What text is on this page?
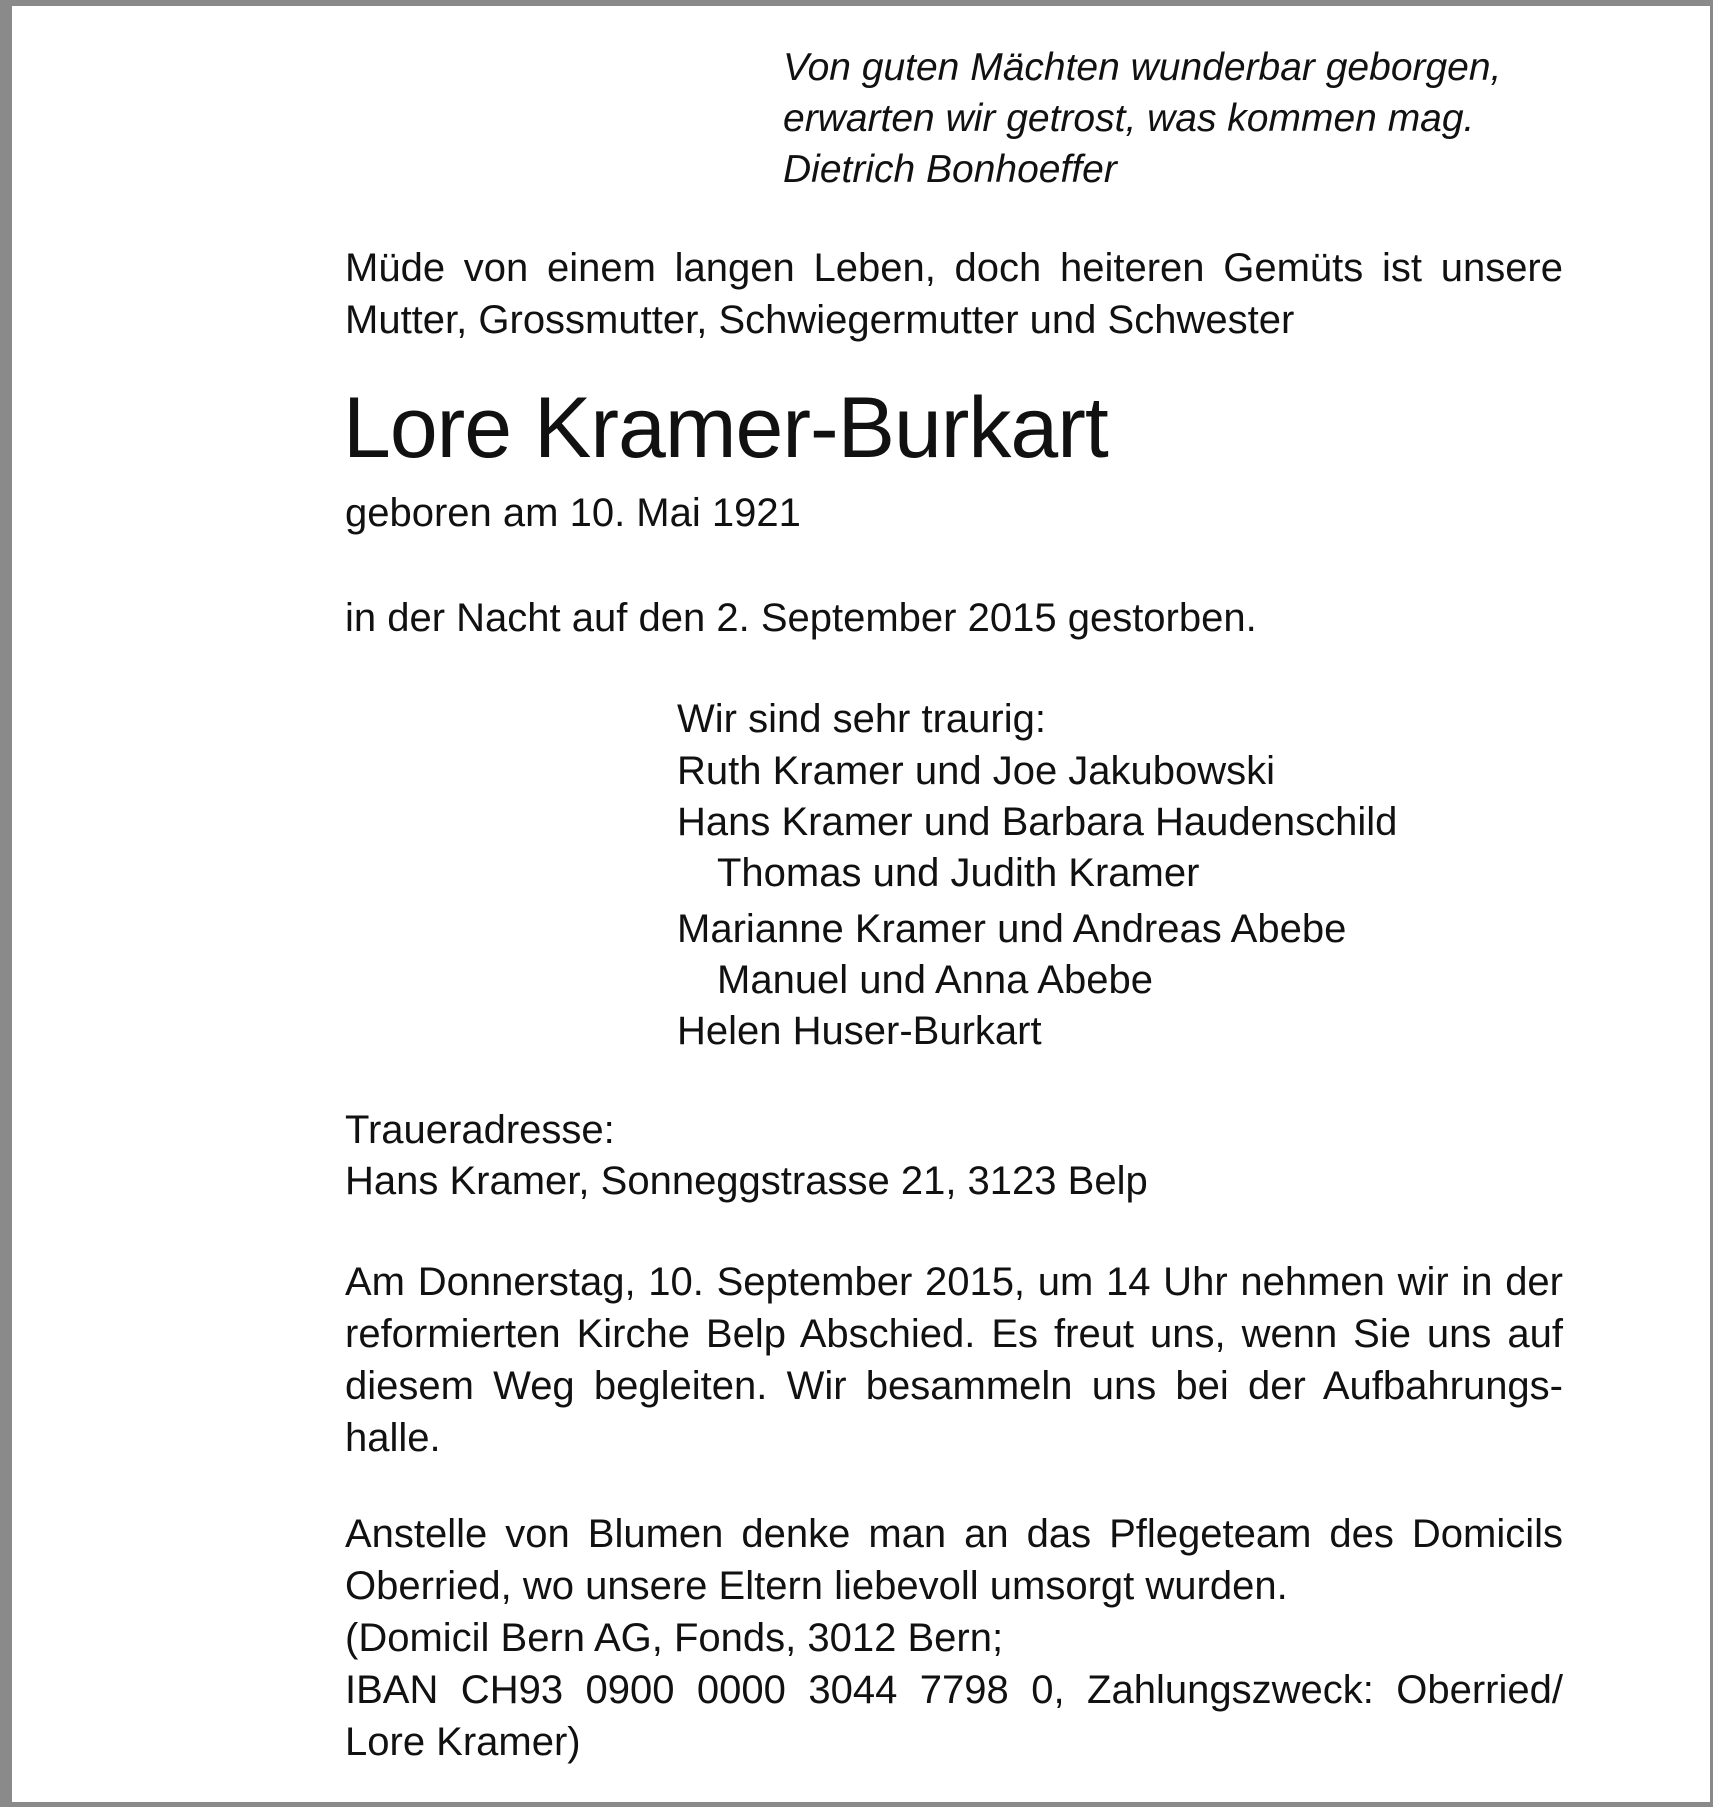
Von guten Mächten wunderbar geborgen,

erwarten wir getrost, was kommen mag.

Dietrich Bonhoeffer

Müde von einem langen Leben, doch heiteren Gemüts ist unsere
Mutter, Grossmutter, Schwiegermutter und Schwester

Lore Kramer-Burkart

geboren am 10. Mai 1921

in der Nacht auf den 2. September 2015 gestorben.

Wir sind sehr traurig:

Ruth Kramer und Joe Jakubowski

Hans Kramer und Barbara Haudenschild

Thomas und Judith Kramer

Marianne Kramer und Andreas Abebe

Manuel und Anna Abebe

Helen Huser-Burkart

Traueradresse:

Hans Kramer, Sonneggstrasse 21, 3123 Belp

Am Donnerstag, 10. September 2015, um 14 Uhr nehmen wir in der
reformierten Kirche Belp Abschied. Es freut uns, wenn Sie uns auf
diesem Weg begleiten. Wir besammeln uns bei der Aufbahrungs-
halle.
Anstelle von Blumen denke man an das Pflegeteam des Domicils
Oberried, wo unsere Eltern liebevoll umsorgt wurden.
(Domicil Bern AG, Fonds, 3012 Bern;
IBAN CH93 0900 0000 3044 7798 0, Zahlungszweck: Oberried/
Lore Kramer)
